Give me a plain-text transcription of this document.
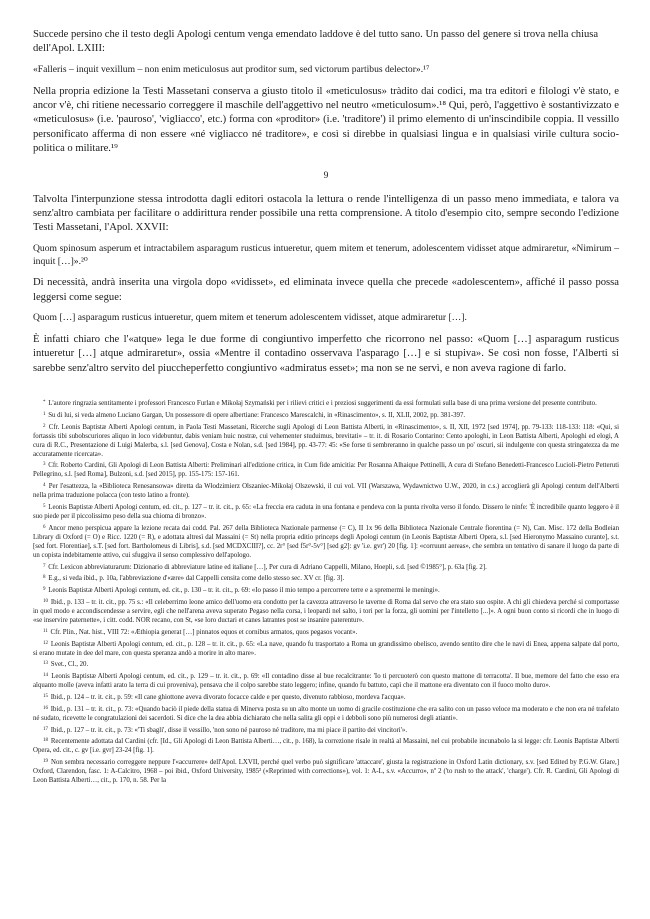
Succede persino che il testo degli Apologi centum venga emendato laddove è del tutto sano. Un passo del genere si trova nella chiusa dell'Apol. LXIII:

«Falleris – inquit vexillum – non enim meticulosus aut proditor sum, sed victorum partibus delector».¹⁷

Nella propria edizione la Testi Massetani conserva a giusto titolo il «meticulosus» tràdito dai codici, ma tra editori e filologi v'è stato, e ancor v'è, chi ritiene necessario correggere il maschile dell'aggettivo nel neutro «meticulosum».¹⁸ Qui, però, l'aggettivo è sostantivizzato e «meticulosus» (i.e. 'pauroso', 'vigliacco', etc.) forma con «proditor» (i.e. 'traditore') il primo elemento di un'inscindibile coppia. Il vessillo personificato afferma di non essere «né vigliacco né traditore», e così si direbbe in qualsiasi lingua e in qualsiasi virile cultura socio-politica o militare.¹⁹

9

Talvolta l'interpunzione stessa introdotta dagli editori ostacola la lettura o rende l'intelligenza di un passo meno immediata, e talora va senz'altro cambiata per facilitare o addirittura render possibile una retta comprensione. A titolo d'esempio cito, sempre secondo l'edizione Testi Massetani, l'Apol. XXVII:

Quom spinosum asperum et intractabilem asparagum rusticus intueretur, quem mitem et tenerum, adolescentem vidisset atque admiraretur, «Nimirum – inquit […]».²⁰

Di necessità, andrà inserita una virgola dopo «vidisset», ed eliminata invece quella che precede «adolescentem», affiché il passo possa leggersi come segue:

Quom […] asparagum rusticus intueretur, quem mitem et tenerum adolescentem vidisset, atque admiraretur […].

È infatti chiaro che l'«atque» lega le due forme di congiuntivo imperfetto che ricorrono nel passo: «Quom […] asparagum rusticus intueretur […] atque admiraretur», ossia «Mentre il contadino osservava l'asparago […] e si stupiva». Se così non fosse, l'Alberti si sarebbe senz'altro servito del piuccheperfetto congiuntivo «admiratus esset»; ma non se ne servì, e non aveva ragione di farlo.

* L'autore ringrazia sentitamente i professori Francesco Furlan e Mikołaj Szymański per i rilievi critici e i preziosi suggerimenti da essi formulati sulla base di una prima versione del presente contributo.
$^1$ Su di lui, si veda almeno Luciano Gargan, Un possessore di opere albertiane: Francesco Marescalchi, in «Rinascimento», s. II, XLII, 2002, pp. 381-397.
$^2$ Cfr. Leonis Baptistæ Alberti Apologi centum, in Paola Testi Massetani, Ricerche sugli Apologi di Leon Battista Alberti, in «Rinascimento», s. II, XII, 1972 [sed 1974], pp. 79-133: 118-133: 118: «Qui, si fortassis tibi subobscuriores aliquo in loco videbuntur, dabis veniam huic nostræ, cui vehementer studuimus, brevitati» – tr. it. di Rosario Contarino: Cento apologhi, in Leon Battista Alberti, Apologhi ed elogi, A cura di R.C., Presentazione di Luigi Malerba, s.l. [sed Genova], Costa e Nolan, s.d. [sed 1984], pp. 43-77: 45: «Se forse ti sembreranno in qualche passo un po' oscuri, sii indulgente con questa stringatezza da me accuratamente ricercata».
$^3$ Cfr. Roberto Cardini, Gli Apologi di Leon Battista Alberti: Preliminari all'edizione critica, in Cum fide amicitia: Per Rosanna Alhaique Pettinelli, A cura di Stefano Benedetti-Francesco Lucioli-Pietro Petteruti Pellegrino, s.l. [sed Roma], Bulzoni, s.d. [sed 2015], pp. 155-175: 157-161.
$^4$ Per l'esattezza, la «Biblioteca Renesansowa» diretta da Włodzimierz Olszaniec-Mikołaj Olszewski, il cui vol. VII (Warszawa, Wydawnictwo U.W., 2020, in c.s.) accoglierà gli Apologi centum dell'Alberti nella prima traduzione polacca (con testo latino a fronte).
$^5$ Leonis Baptistæ Alberti Apologi centum, ed. cit., p. 127 – tr. it. cit., p. 65: «La freccia era caduta in una fontana e pendeva con la punta rivolta verso il fondo. Dissero le ninfe: 'È incredibile quanto leggero è il suo piede per il piccolissimo peso della sua chioma di bronzo».
$^6$ Ancor meno perspicua appare la lezione recata dai codd. Pal. 267 della Biblioteca Nazionale parmense (= C), II 1x 96 della Biblioteca Nazionale Centrale fiorentina (= N), Can. Misc. 172 della Bodleian Library di Oxford (= O) e Ricc. 1220 (= R), e adottata altresì dal Massaini (= St) nella propria editio princeps degli Apologi centum (in Leonis Baptistæ Alberti Opera, s.l. [sed Hieronymo Massaino curante], s.t. [sed fort. Florentiae], s.T. [sed fort. Bartholomeus di Libris], s.d. [sed MCDXCIII?], cc. 2r° [sed f5r°-5v°] [sed g2]: gv 'i.e. gvr') 20 [fig. 1]: «corruunt aereas», che sembra un tentativo di sanare il luogo da parte di un copista indebitamente attivo, cui sfuggiva il senso complessivo dell'apologo.
$^7$ Cfr. Lexicon abbreviaturarum: Dizionario di abbreviature latine ed italiane […], Per cura di Adriano Cappelli, Milano, Hoepli, s.d. [sed ©1985°], p. 63a [fig. 2].
$^8$ E.g., si veda ibid., p. 10a, l'abbreviazione d'«ære» dal Cappelli censita come dello stesso sec. XV cr. [fig. 3].
$^9$ Leonis Baptistæ Alberti Apologi centum, ed. cit., p. 130 – tr. it. cit., p. 69: «Io passo il mio tempo a percorrere terre e a spremermi le meningi».
$^{10}$ Ibid., p. 133 – tr. it. cit., pp. 75 s.: «Il celeberrimo leone amico dell'uomo era condotto per la cavezza attraverso le taverne di Roma dal servo che era stato suo ospite. A chi gli chiedeva perché si comportasse in quel modo e accondiscendesse a servire, egli che nell'arena aveva superato Pegaso nella corsa, i leopardi nel salto, i tori per la forza, gli uomini per l'intelletto [...]». A ogni buon conto si ricordi che in luogo di «se inservire paternette», i citt. codd. NOR recano, con St, «se loro ductari et canes latrantes post se insanire paterentur».
$^{11}$ Cfr. Plin., Nat. hist., VIII 72: «Æthiopia generat […] pinnatos equos et cornibus armatos, quos pegasos vocant».
$^{12}$ Leonis Baptistæ Alberti Apologi centum, ed. cit., p. 128 – tr. it. cit., p. 65: «La nave, quando fu trasportato a Roma un grandissimo obelisco, avendo sentito dire che le navi di Enea, appena salpate dal porto, si erano mutate in dee del mare, con questa speranza andò a morire in alto mare».
$^{13}$ Svet., Cl., 20.
$^{14}$ Leonis Baptistæ Alberti Apologi centum, ed. cit., p. 129 – tr. it. cit., p. 69: «Il contadino disse al bue recalcitrante: 'Io ti percuoterò con questo mattone di terracotta'. Il bue, memore del fatto che esso era alquanto molle (aveva infatti arato la terra di cui proveniva), pensava che il colpo sarebbe stato leggero; infine, quando fu battuto, capì che il mattone era diventato con il fuoco molto duro».
$^{15}$ Ibid., p. 124 – tr. it. cit., p. 59: «Il cane ghiottone aveva divorato focacce calde e per questo, divenuto rabbioso, mordeva l'acqua».
$^{16}$ Ibid., p. 131 – tr. it. cit., p. 73: «Quando baciò il piede della statua di Minerva posta su un alto monte un uomo di gracile costituzione che era salito con un passo veloce ma moderato e che non era né trafelato né sudato, ricevette le congratulazioni dei sacerdoti. Si dice che la dea abbia dichiarato che nella salita gli oppi e i debboli sono più numerosi degli atianti».
$^{17}$ Ibid., p. 127 – tr. it. cit., p. 73: «'Ti sbagli', disse il vessillo, 'non sono né pauroso né traditore, ma mi piace il partito dei vincitori'».
$^{18}$ Recentemente adottata dal Cardini (cfr. [Id., Gli Apologi di Leon Battista Alberti…, cit., p. 168), la correzione risale in realtà al Massaini, nel cui probabile incunabolo la si legge: cfr. Leonis Baptistæ Alberti Opera, ed. cit., c. gv [i.e. gvr] 23-24 [fig. 1].
$^{19}$ Non sembra necessario correggere neppure l'«accurrere» dell'Apol. LXVII, perché quel verbo può significare 'attaccare', giusta la registrazione in Oxford Latin dictionary, s.v. [sed Edited by P.G.W. Glare,] Oxford, Clarendon, fasc. 1: A-Calcitro, 1968 – poi ibid., Oxford University, 1985² («Reprinted with corrections»), vol. 1: A-L, s.v. «Accurro», nº 2 ('to rush to the attack', 'charge'). Cfr. R. Cardini, Gli Apologi di Leon Battista Alberti…, cit., p. 170, n. 58. Per la
